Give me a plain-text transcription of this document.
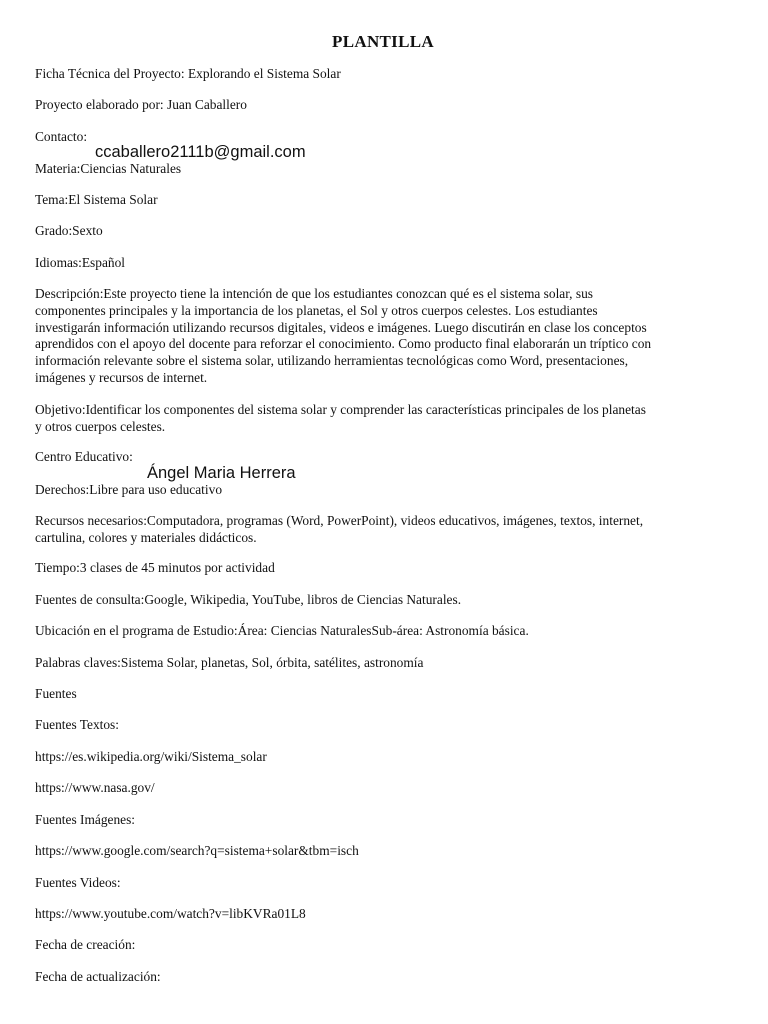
PLANTILLA
Ficha Técnica del Proyecto: Explorando el Sistema Solar
Proyecto elaborado por: Juan Caballero
Contacto:
ccaballero2111b@gmail.com
Materia:Ciencias Naturales
Tema:El Sistema Solar
Grado:Sexto
Idiomas:Español
Descripción:Este proyecto tiene la intención de que los estudiantes conozcan qué es el sistema solar, sus
componentes principales y la importancia de los planetas, el Sol y otros cuerpos celestes. Los estudiantes
investigarán información utilizando recursos digitales, videos e imágenes. Luego discutirán en clase los conceptos
aprendidos con el apoyo del docente para reforzar el conocimiento. Como producto final elaborarán un tríptico con
información relevante sobre el sistema solar, utilizando herramientas tecnológicas como Word, presentaciones,
imágenes y recursos de internet.
Objetivo:Identificar los componentes del sistema solar y comprender las características principales de los planetas
y otros cuerpos celestes.
Centro Educativo:
Ángel Maria Herrera
Derechos:Libre para uso educativo
Recursos necesarios:Computadora, programas (Word, PowerPoint), videos educativos, imágenes, textos, internet,
cartulina, colores y materiales didácticos.
Tiempo:3 clases de 45 minutos por actividad
Fuentes de consulta:Google, Wikipedia, YouTube, libros de Ciencias Naturales.
Ubicación en el programa de Estudio:Área: Ciencias NaturalesSub-área: Astronomía básica.
Palabras claves:Sistema Solar, planetas, Sol, órbita, satélites, astronomía
Fuentes
Fuentes Textos:
https://es.wikipedia.org/wiki/Sistema_solar
https://www.nasa.gov/
Fuentes Imágenes:
https://www.google.com/search?q=sistema+solar&tbm=isch
Fuentes Videos:
https://www.youtube.com/watch?v=libKVRa01L8
Fecha de creación:
Fecha de actualización:
